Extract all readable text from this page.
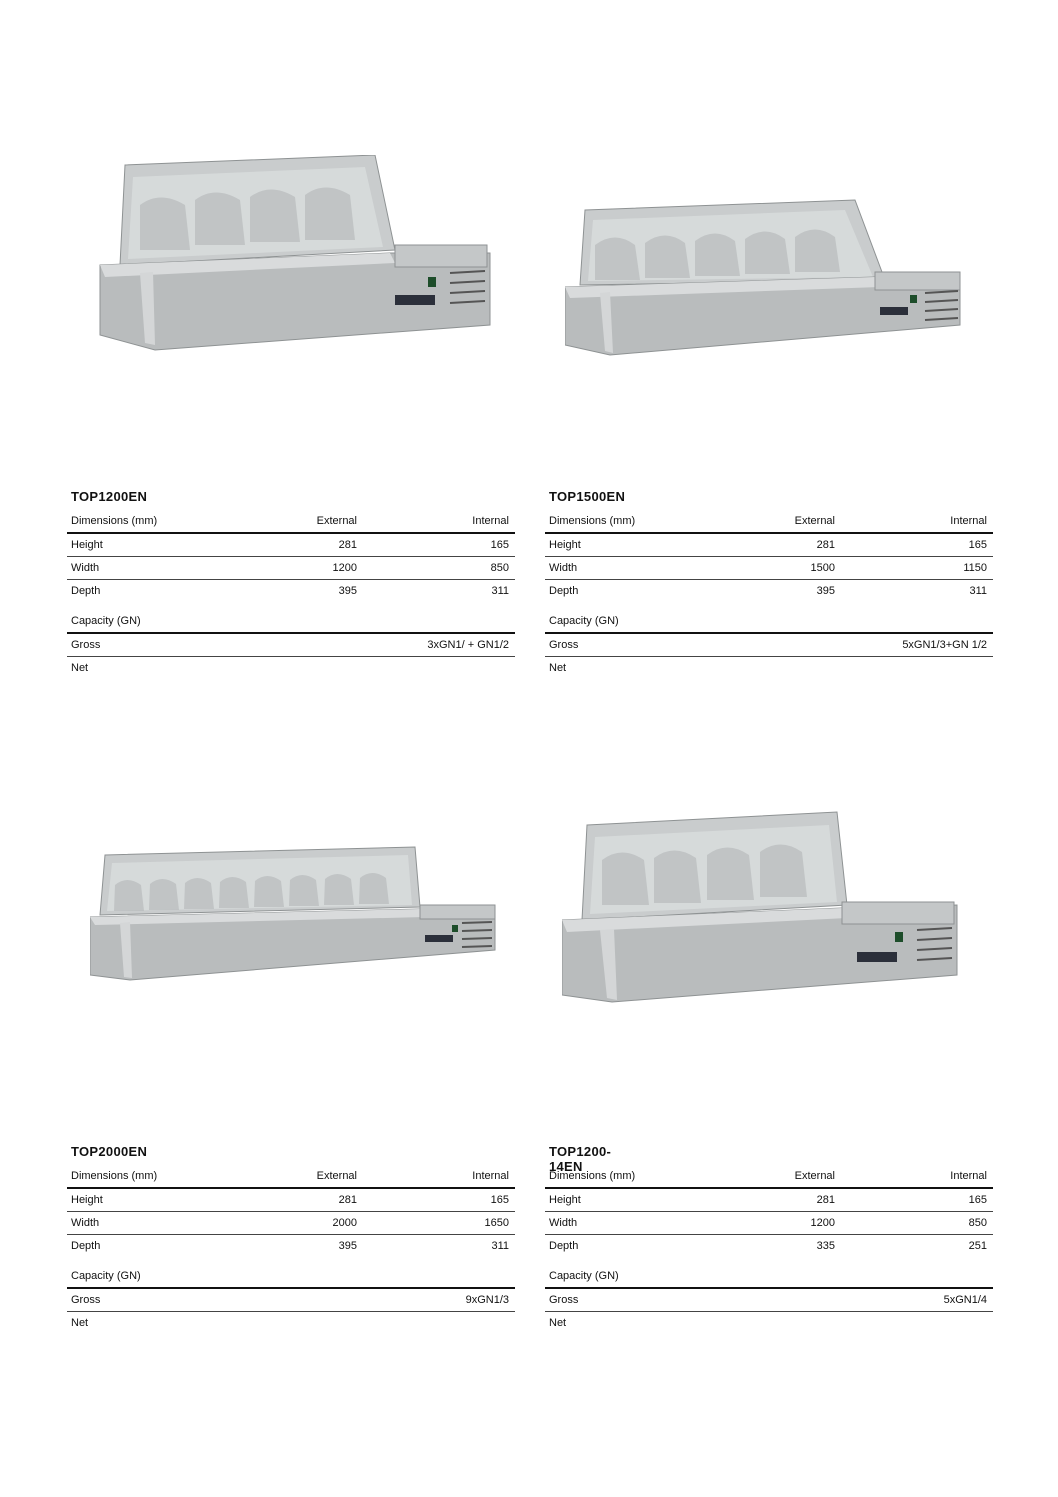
TOP1200EN
Dimensions (mm)	External	Internal
Height	281	165
Width	1200	850
Depth	395	311
Capacity (GN)
Gross	3xGN1/ + GN1/2
Net
TOP1500EN
Dimensions (mm)	External	Internal
Height	281	165
Width	1500	1150
Depth	395	311
Capacity (GN)
Gross	5xGN1/3+GN 1/2
Net
TOP2000EN
Dimensions (mm)	External	Internal
Height	281	165
Width	2000	1650
Depth	395	311
Capacity (GN)
Gross	9xGN1/3
Net
TOP1200-14EN
Dimensions (mm)	External	Internal
Height	281	165
Width	1200	850
Depth	335	251
Capacity (GN)
Gross	5xGN1/4
Net
